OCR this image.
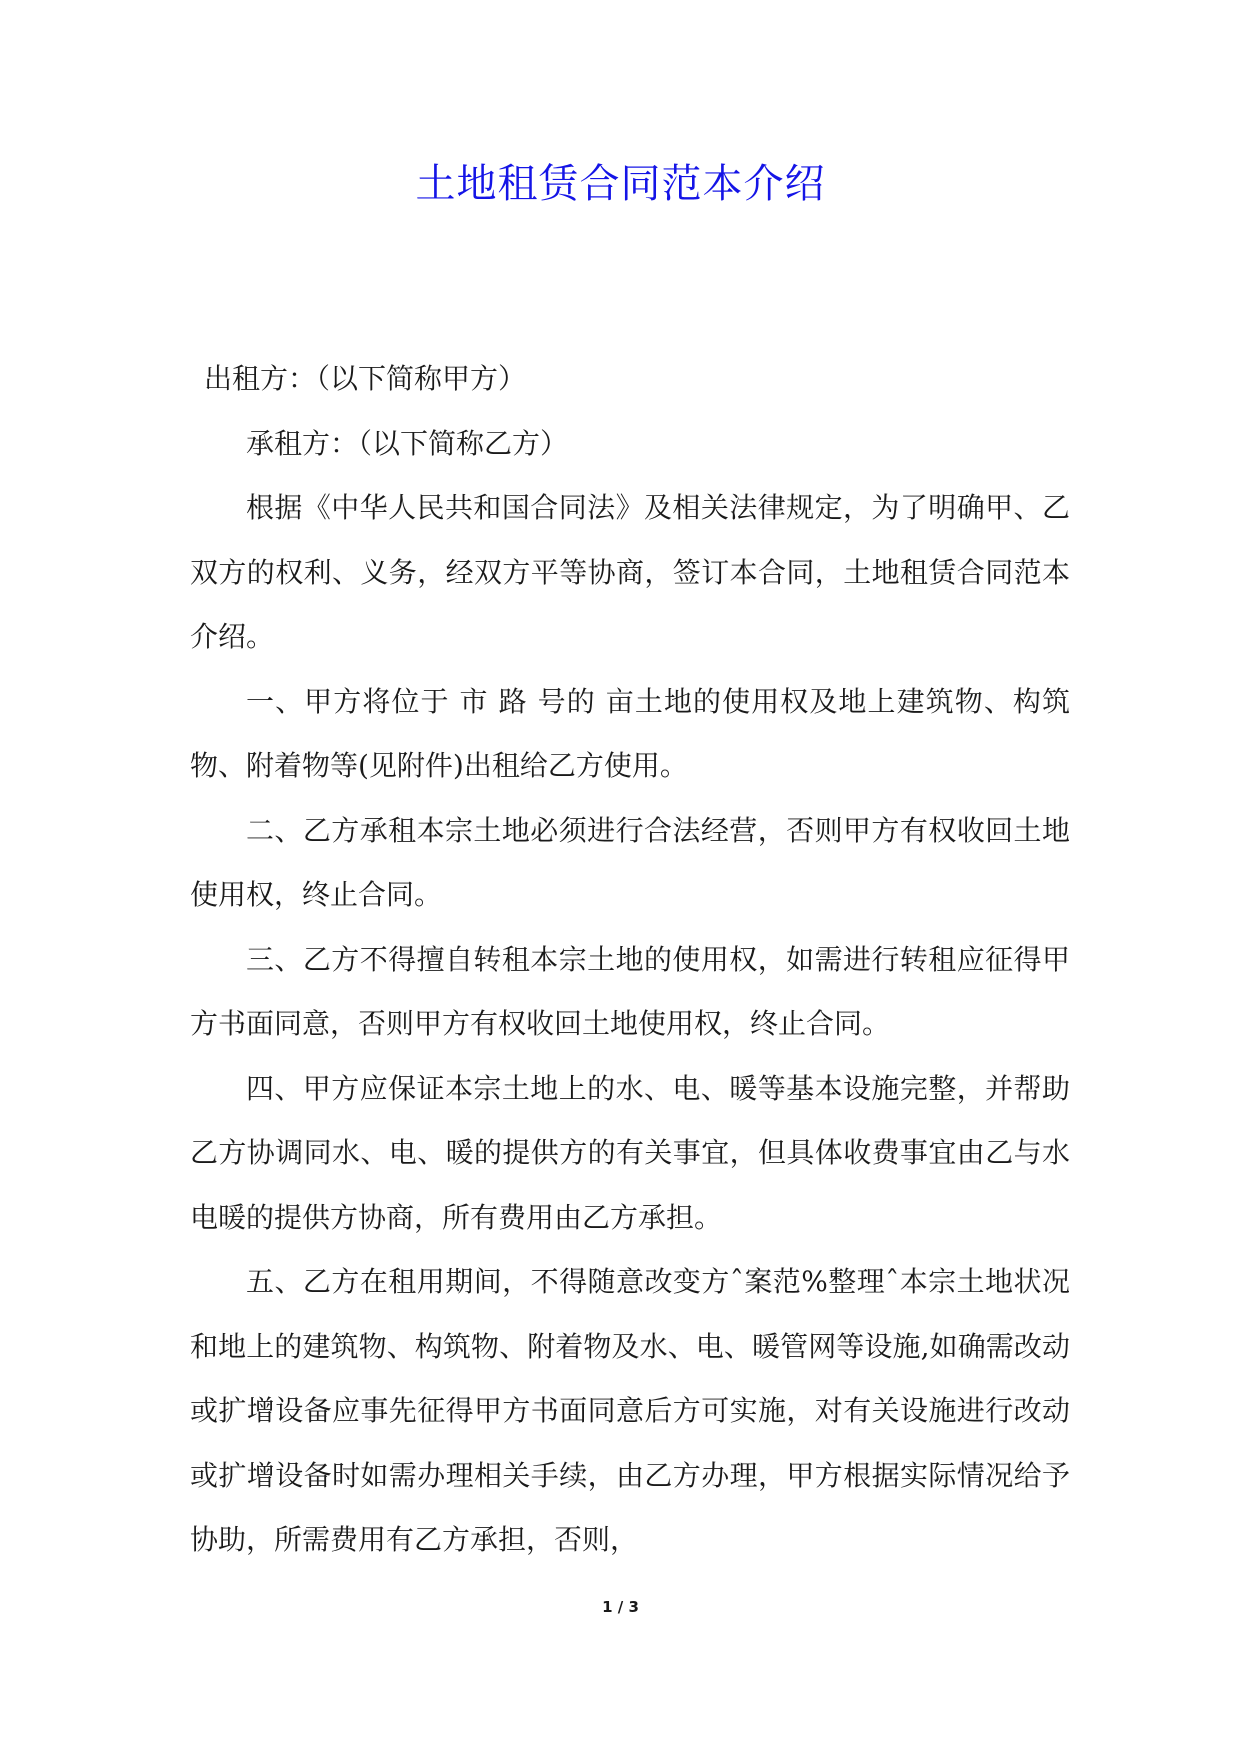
土地租赁合同范本介绍

出租方：（以下简称甲方）

承租方：（以下简称乙方）

根据《中华人民共和国合同法》及相关法律规定，为了明确甲、乙双方的权利、义务，经双方平等协商，签订本合同，土地租赁合同范本介绍。

一、甲方将位于 市 路 号的 亩土地的使用权及地上建筑物、构筑物、附着物等(见附件)出租给乙方使用。

二、乙方承租本宗土地必须进行合法经营，否则甲方有权收回土地使用权，终止合同。

三、乙方不得擅自转租本宗土地的使用权，如需进行转租应征得甲方书面同意，否则甲方有权收回土地使用权，终止合同。

四、甲方应保证本宗土地上的水、电、暖等基本设施完整，并帮助乙方协调同水、电、暖的提供方的有关事宜，但具体收费事宜由乙与水电暖的提供方协商，所有费用由乙方承担。

五、乙方在租用期间，不得随意改变方ˆ案范%整理ˆ本宗土地状况和地上的建筑物、构筑物、附着物及水、电、暖管网等设施,如确需改动或扩增设备应事先征得甲方书面同意后方可实施，对有关设施进行改动或扩增设备时如需办理相关手续，由乙方办理，甲方根据实际情况给予协助，所需费用有乙方承担，否则，

1 / 3
